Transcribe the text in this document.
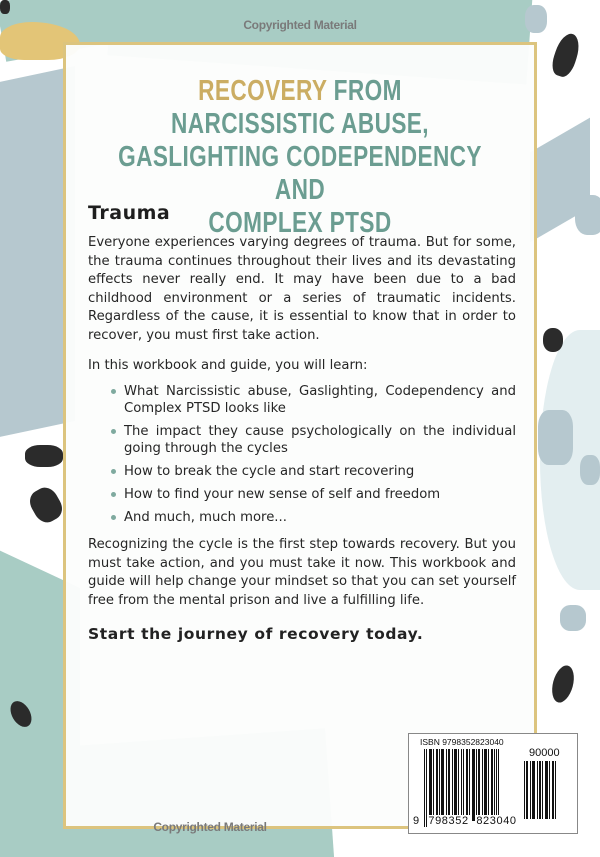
Copyrighted Material
RECOVERY FROM NARCISSISTIC ABUSE,
GASLIGHTING CODEPENDENCY AND
COMPLEX PTSD
Trauma

Everyone experiences varying degrees of trauma. But for some, the trauma continues throughout their lives and its devastating effects never really end. It may have been due to a bad childhood environment or a series of traumatic incidents. Regardless of the cause, it is essential to know that in order to recover, you must first take action.

In this workbook and guide, you will learn:

What Narcissistic abuse, Gaslighting, Codependency and Complex PTSD looks like
The impact they cause psychologically on the individual going through the cycles
How to break the cycle and start recovering
How to find your new sense of self and freedom
And much, much more...

Recognizing the cycle is the first step towards recovery. But you must take action, and you must take it now. This workbook and guide will help change your mindset so that you can set yourself free from the mental prison and live a fulfilling life.

Start the journey of recovery today.
ISBN 9798352823040
90000
9 798352 823040
Copyrighted Material
